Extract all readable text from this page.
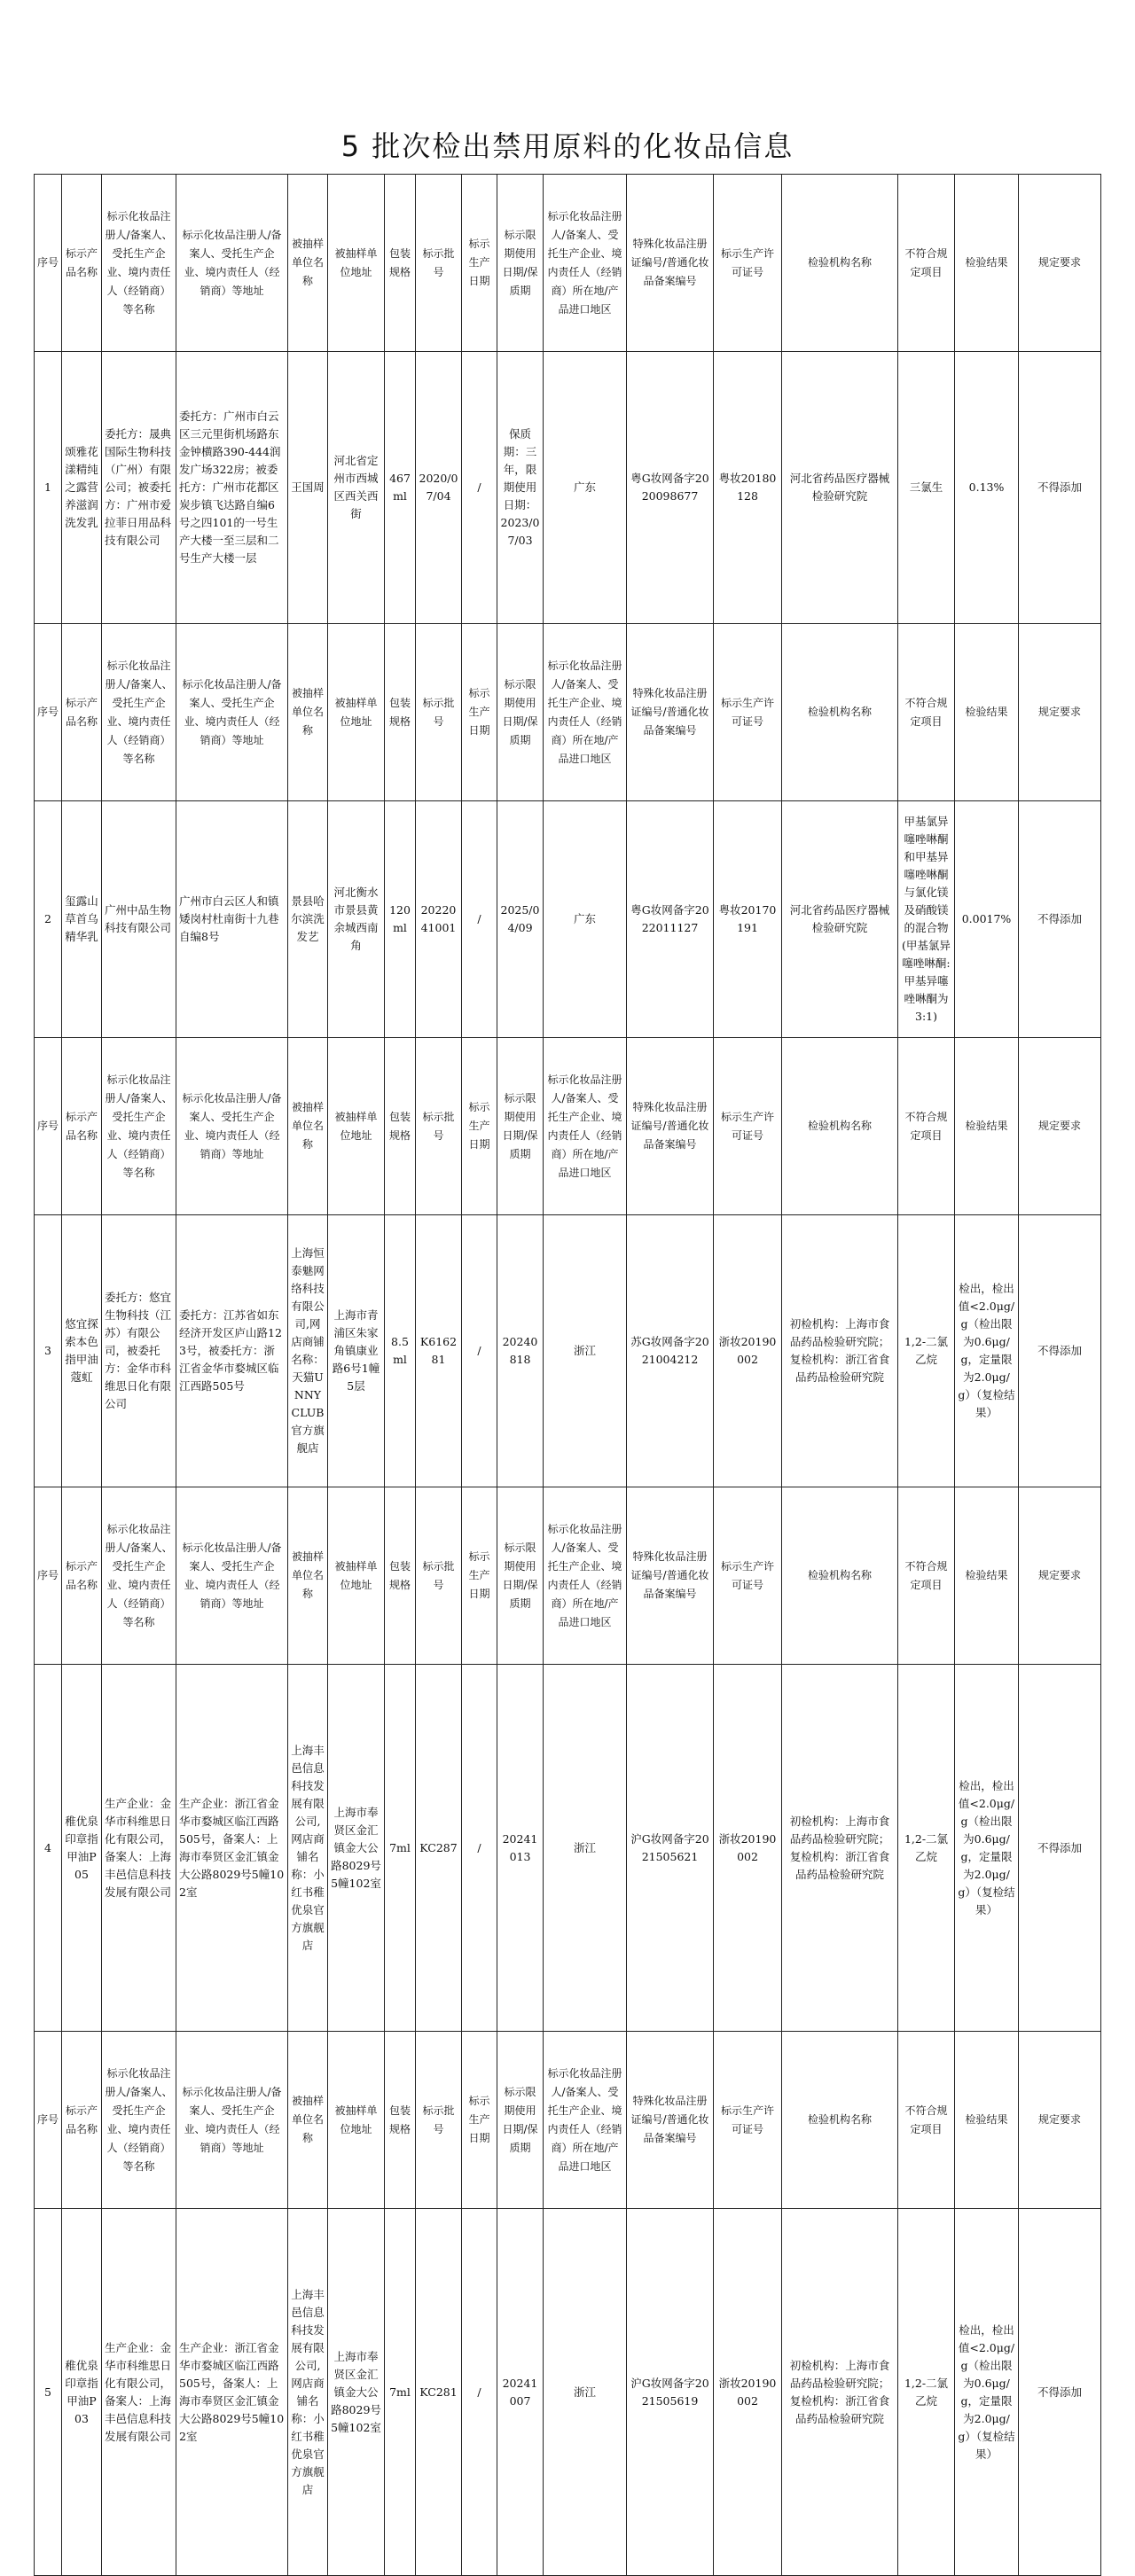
5 批次检出禁用原料的化妆品信息
序号	标示产品名称	标示化妆品注册人/备案人、受托生产企业、境内责任人（经销商）等名称	标示化妆品注册人/备案人、受托生产企业、境内责任人（经销商）等地址	被抽样单位名称	被抽样单位地址	包装规格	标示批号	标示生产日期	标示限期使用日期/保质期	标示化妆品注册人/备案人、受托生产企业、境内责任人（经销商）所在地/产品进口地区	特殊化妆品注册证编号/普通化妆品备案编号	标示生产许可证号	检验机构名称	不符合规定项目	检验结果	规定要求
1	颂雅花漾精纯之露营养滋润洗发乳	委托方：晟典国际生物科技（广州）有限公司；被委托方：广州市爱拉菲日用品科技有限公司	委托方：广州市白云区三元里街机场路东金钟横路390-444润发广场322房；被委托方：广州市花都区炭步镇飞达路自编6号之四101的一号生产大楼一至三层和二号生产大楼一层	王国周	河北省定州市西城区西关西街	467ml	2020/07/04	/	保质期：三年，限期使用日期：2023/07/03	广东	粤G妆网备字2020098677	粤妆20180128	河北省药品医疗器械检验研究院	三氯生	0.13%	不得添加
序号	标示产品名称	标示化妆品注册人/备案人、受托生产企业、境内责任人（经销商）等名称	标示化妆品注册人/备案人、受托生产企业、境内责任人（经销商）等地址	被抽样单位名称	被抽样单位地址	包装规格	标示批号	标示生产日期	标示限期使用日期/保质期	标示化妆品注册人/备案人、受托生产企业、境内责任人（经销商）所在地/产品进口地区	特殊化妆品注册证编号/普通化妆品备案编号	标示生产许可证号	检验机构名称	不符合规定项目	检验结果	规定要求
2	玺露山草首乌精华乳	广州中品生物科技有限公司	广州市白云区人和镇矮岗村杜南街十九巷自编8号	景县哈尔滨洗发艺	河北衡水市景县黄余城西南角	120ml	2022041001	/	2025/04/09	广东	粤G妆网备字2022011127	粤妆20170191	河北省药品医疗器械检验研究院	甲基氯异噻唑啉酮和甲基异噻唑啉酮与氯化镁及硝酸镁的混合物(甲基氯异噻唑啉酮:甲基异噻唑啉酮为3:1)	0.0017%	不得添加
序号	标示产品名称	标示化妆品注册人/备案人、受托生产企业、境内责任人（经销商）等名称	标示化妆品注册人/备案人、受托生产企业、境内责任人（经销商）等地址	被抽样单位名称	被抽样单位地址	包装规格	标示批号	标示生产日期	标示限期使用日期/保质期	标示化妆品注册人/备案人、受托生产企业、境内责任人（经销商）所在地/产品进口地区	特殊化妆品注册证编号/普通化妆品备案编号	标示生产许可证号	检验机构名称	不符合规定项目	检验结果	规定要求
3	悠宜探索本色指甲油蔻虹	委托方：悠宜生物科技（江苏）有限公司，被委托方：金华市科维思日化有限公司	委托方：江苏省如东经济开发区庐山路123号，被委托方：浙江省金华市婺城区临江西路505号	上海恒泰魅网络科技有限公司,网店商铺名称：天猫UNNYCLUB官方旗舰店	上海市青浦区朱家角镇康业路6号1幢5层	8.5ml	K616281	/	20240818	浙江	苏G妆网备字2021004212	浙妆20190002	初检机构：上海市食品药品检验研究院；复检机构：浙江省食品药品检验研究院	1,2-二氯乙烷	检出，检出值<2.0μg/g（检出限为0.6μg/g，定量限为2.0μg/g）（复检结果）	不得添加
序号	标示产品名称	标示化妆品注册人/备案人、受托生产企业、境内责任人（经销商）等名称	标示化妆品注册人/备案人、受托生产企业、境内责任人（经销商）等地址	被抽样单位名称	被抽样单位地址	包装规格	标示批号	标示生产日期	标示限期使用日期/保质期	标示化妆品注册人/备案人、受托生产企业、境内责任人（经销商）所在地/产品进口地区	特殊化妆品注册证编号/普通化妆品备案编号	标示生产许可证号	检验机构名称	不符合规定项目	检验结果	规定要求
4	稚优泉印章指甲油P05	生产企业：金华市科维思日化有限公司，备案人：上海丰邑信息科技发展有限公司	生产企业：浙江省金华市婺城区临江西路505号，备案人：上海市奉贤区金汇镇金大公路8029号5幢102室	上海丰邑信息科技发展有限公司,网店商铺名称：小红书稚优泉官方旗舰店	上海市奉贤区金汇镇金大公路8029号5幢102室	7ml	KC287	/	20241013	浙江	沪G妆网备字2021505621	浙妆20190002	初检机构：上海市食品药品检验研究院；复检机构：浙江省食品药品检验研究院	1,2-二氯乙烷	检出，检出值<2.0μg/g（检出限为0.6μg/g，定量限为2.0μg/g）（复检结果）	不得添加
序号	标示产品名称	标示化妆品注册人/备案人、受托生产企业、境内责任人（经销商）等名称	标示化妆品注册人/备案人、受托生产企业、境内责任人（经销商）等地址	被抽样单位名称	被抽样单位地址	包装规格	标示批号	标示生产日期	标示限期使用日期/保质期	标示化妆品注册人/备案人、受托生产企业、境内责任人（经销商）所在地/产品进口地区	特殊化妆品注册证编号/普通化妆品备案编号	标示生产许可证号	检验机构名称	不符合规定项目	检验结果	规定要求
5	稚优泉印章指甲油P03	生产企业：金华市科维思日化有限公司，备案人：上海丰邑信息科技发展有限公司	生产企业：浙江省金华市婺城区临江西路505号，备案人：上海市奉贤区金汇镇金大公路8029号5幢102室	上海丰邑信息科技发展有限公司,网店商铺名称：小红书稚优泉官方旗舰店	上海市奉贤区金汇镇金大公路8029号5幢102室	7ml	KC281	/	20241007	浙江	沪G妆网备字2021505619	浙妆20190002	初检机构：上海市食品药品检验研究院；复检机构：浙江省食品药品检验研究院	1,2-二氯乙烷	检出，检出值<2.0μg/g（检出限为0.6μg/g，定量限为2.0μg/g）（复检结果）	不得添加
